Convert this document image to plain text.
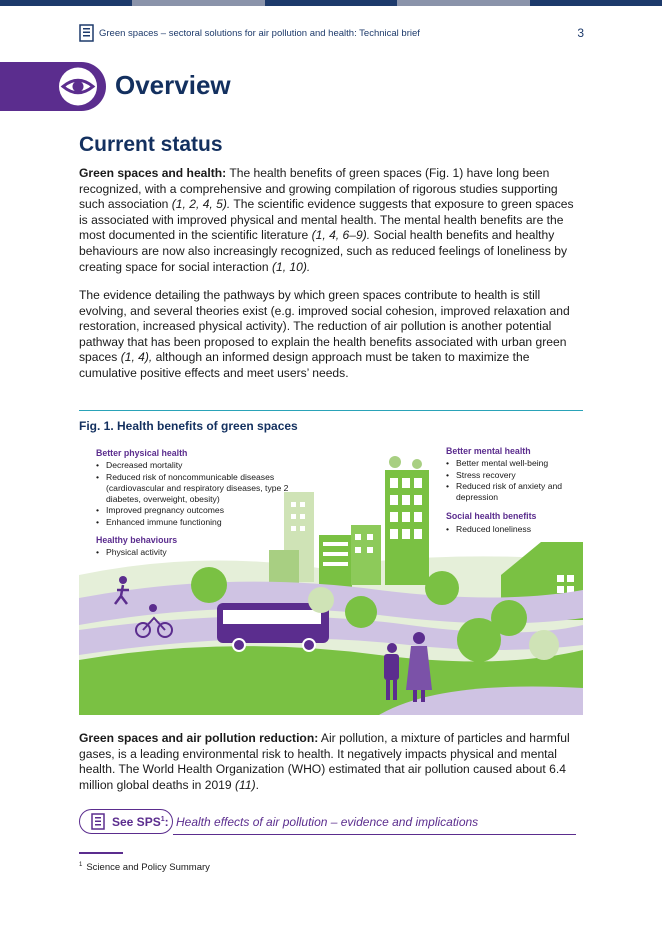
Green spaces – sectoral solutions for air pollution and health: Technical brief	3
Overview
Current status
Green spaces and health: The health benefits of green spaces (Fig. 1) have long been recognized, with a comprehensive and growing compilation of rigorous studies supporting such association (1, 2, 4, 5). The scientific evidence suggests that exposure to green spaces is associated with improved physical and mental health. The mental health benefits are the most documented in the scientific literature (1, 4, 6–9). Social health benefits and healthy behaviours are now also increasingly recognized, such as reduced feelings of loneliness by creating space for social interaction (1, 10).
The evidence detailing the pathways by which green spaces contribute to health is still evolving, and several theories exist (e.g. improved social cohesion, improved relaxation and restoration, increased physical activity). The reduction of air pollution is another potential pathway that has been proposed to explain the health benefits associated with urban green spaces (1, 4), although an informed design approach must be taken to maximize the cumulative positive effects and meet users’ needs.
Fig. 1. Health benefits of green spaces
Better physical health
• Decreased mortality
• Reduced risk of noncommunicable diseases (cardiovascular and respiratory diseases, type 2 diabetes, overweight, obesity)
• Improved pregnancy outcomes
• Enhanced immune functioning
Healthy behaviours
• Physical activity
Better mental health
• Better mental well-being
• Stress recovery
• Reduced risk of anxiety and depression
Social health benefits
• Reduced loneliness
Green spaces and air pollution reduction: Air pollution, a mixture of particles and harmful gases, is a leading environmental risk to health. It negatively impacts physical and mental health. The World Health Organization (WHO) estimated that air pollution caused about 6.4 million global deaths in 2019 (11).
See SPS$^1$: Health effects of air pollution – evidence and implications
$^1$ Science and Policy Summary
